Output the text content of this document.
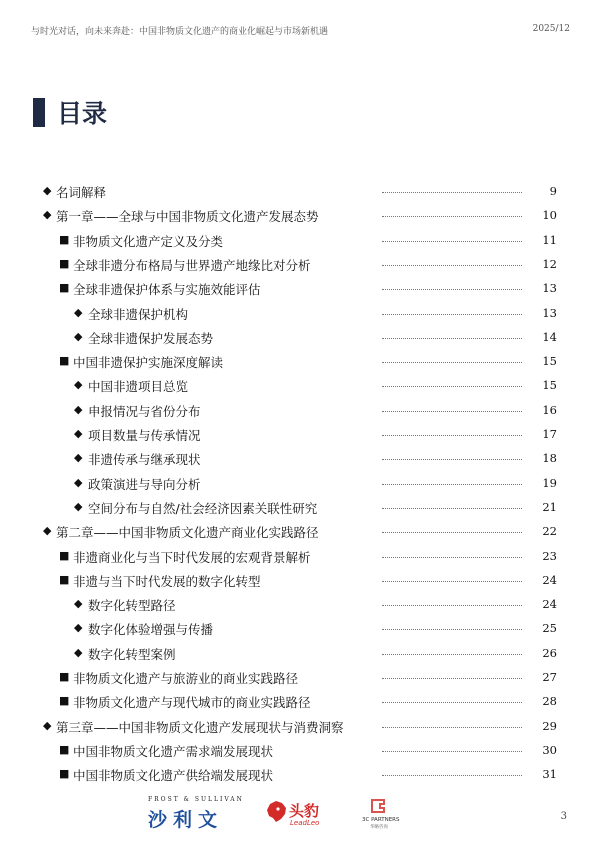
与时光对话，向未来奔赴：中国非物质文化遗产的商业化崛起与市场新机遇	2025/12
目录
◆ 名词解释	9
◆ 第一章——全球与中国非物质文化遗产发展态势	10
■ 非物质文化遗产定义及分类	11
■ 全球非遗分布格局与世界遗产地缘比对分析	12
■ 全球非遗保护体系与实施效能评估	13
◆ 全球非遗保护机构	13
◆ 全球非遗保护发展态势	14
■ 中国非遗保护实施深度解读	15
◆ 中国非遗项目总览	15
◆ 申报情况与省份分布	16
◆ 项目数量与传承情况	17
◆ 非遗传承与继承现状	18
◆ 政策演进与导向分析	19
◆ 空间分布与自然/社会经济因素关联性研究	21
◆ 第二章——中国非物质文化遗产商业化实践路径	22
■ 非遗商业化与当下时代发展的宏观背景解析	23
■ 非遗与当下时代发展的数字化转型	24
◆ 数字化转型路径	24
◆ 数字化体验增强与传播	25
◆ 数字化转型案例	26
■ 非物质文化遗产与旅游业的商业实践路径	27
■ 非物质文化遗产与现代城市的商业实践路径	28
◆ 第三章——中国非物质文化遗产发展现状与消费洞察	29
■ 中国非物质文化遗产需求端发展现状	30
■ 中国非物质文化遗产供给端发展现状	31
FROST & SULLIVAN
沙利文	头豹
LeadLeo	3C PARTNERS
华略咨询
3
